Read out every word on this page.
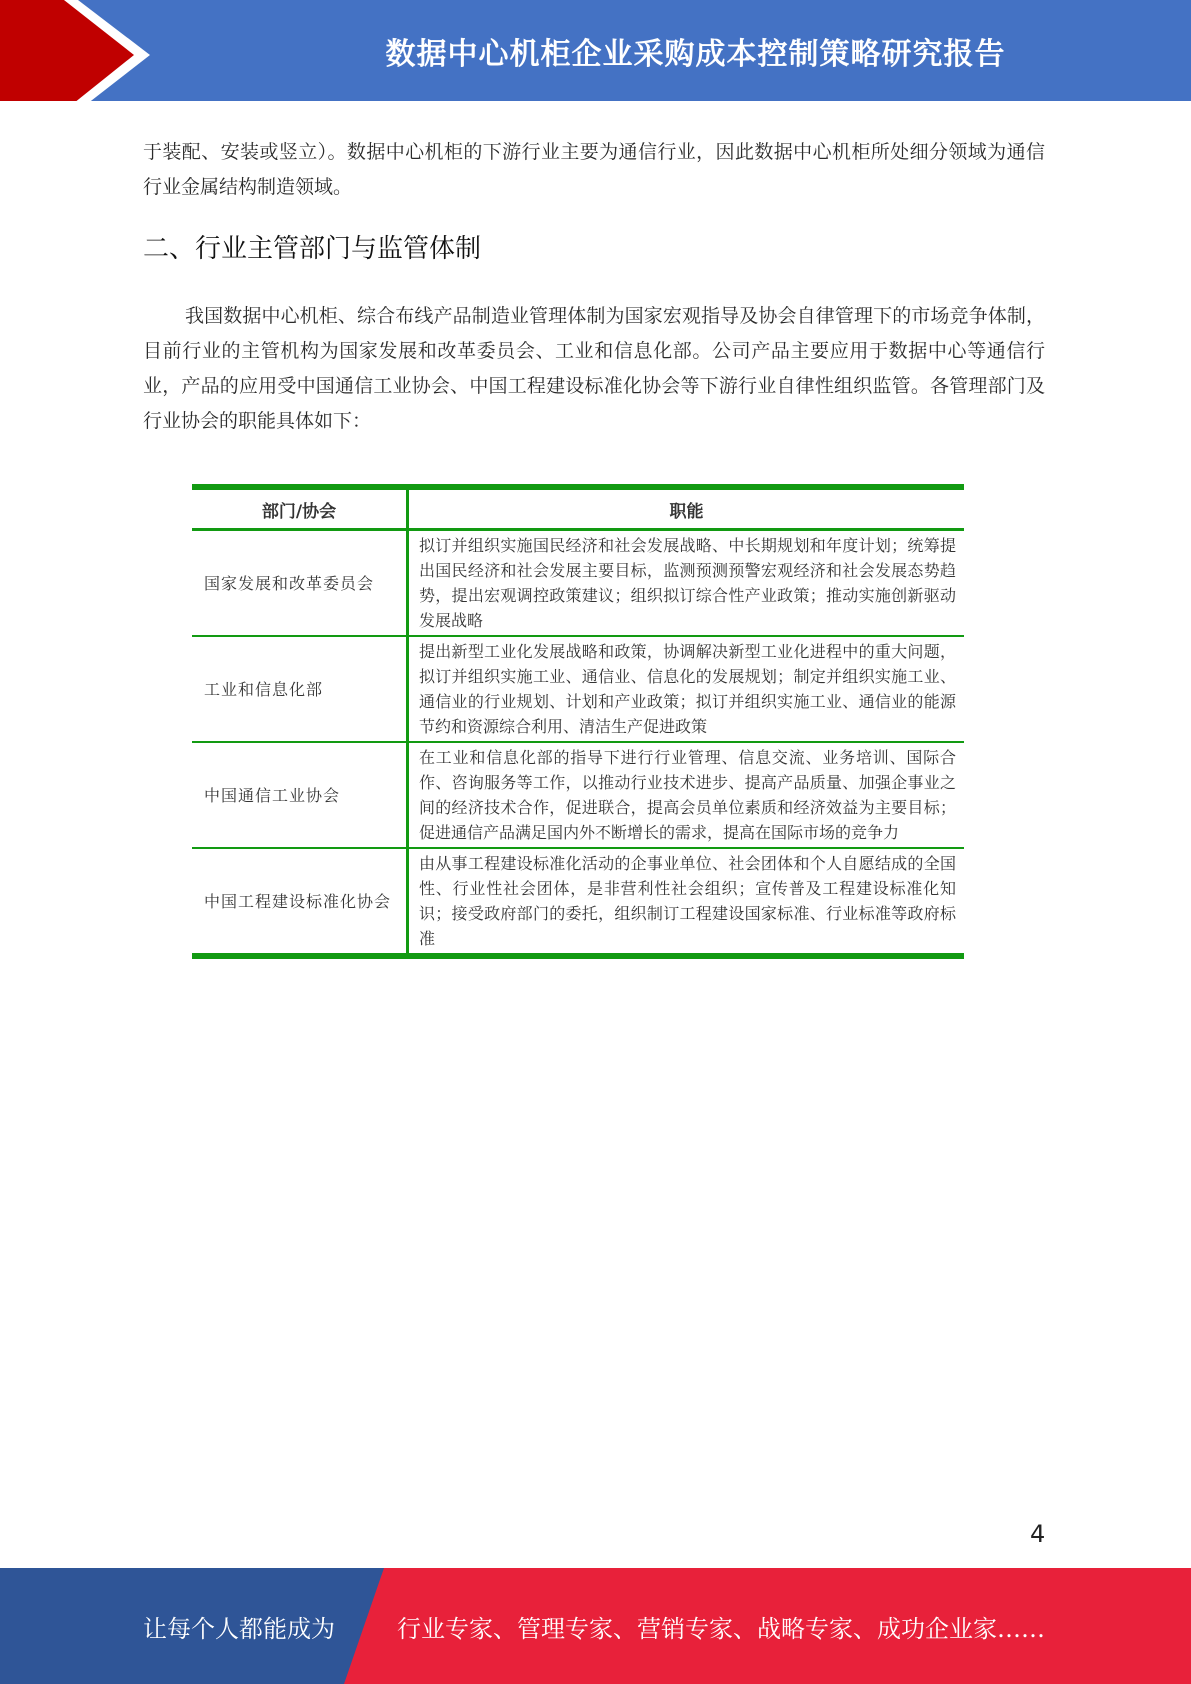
数据中心机柜企业采购成本控制策略研究报告

于装配、安装或竖立）。数据中心机柜的下游行业主要为通信行业，因此数据中心机柜所处细分领域为通信行业金属结构制造领域。

二、行业主管部门与监管体制

我国数据中心机柜、综合布线产品制造业管理体制为国家宏观指导及协会自律管理下的市场竞争体制，目前行业的主管机构为国家发展和改革委员会、工业和信息化部。公司产品主要应用于数据中心等通信行业，产品的应用受中国通信工业协会、中国工程建设标准化协会等下游行业自律性组织监管。各管理部门及行业协会的职能具体如下：

部门/协会	职能
国家发展和改革委员会	拟订并组织实施国民经济和社会发展战略、中长期规划和年度计划；统筹提出国民经济和社会发展主要目标，监测预测预警宏观经济和社会发展态势趋势，提出宏观调控政策建议；组织拟订综合性产业政策；推动实施创新驱动发展战略
工业和信息化部	提出新型工业化发展战略和政策，协调解决新型工业化进程中的重大问题，拟订并组织实施工业、通信业、信息化的发展规划；制定并组织实施工业、通信业的行业规划、计划和产业政策；拟订并组织实施工业、通信业的能源节约和资源综合利用、清洁生产促进政策
中国通信工业协会	在工业和信息化部的指导下进行行业管理、信息交流、业务培训、国际合作、咨询服务等工作，以推动行业技术进步、提高产品质量、加强企事业之间的经济技术合作，促进联合，提高会员单位素质和经济效益为主要目标；促进通信产品满足国内外不断增长的需求，提高在国际市场的竞争力
中国工程建设标准化协会	由从事工程建设标准化活动的企事业单位、社会团体和个人自愿结成的全国性、行业性社会团体，是非营利性社会组织；宣传普及工程建设标准化知识；接受政府部门的委托，组织制订工程建设国家标准、行业标准等政府标准
4
让每个人都能成为	行业专家、管理专家、营销专家、战略专家、成功企业家……
